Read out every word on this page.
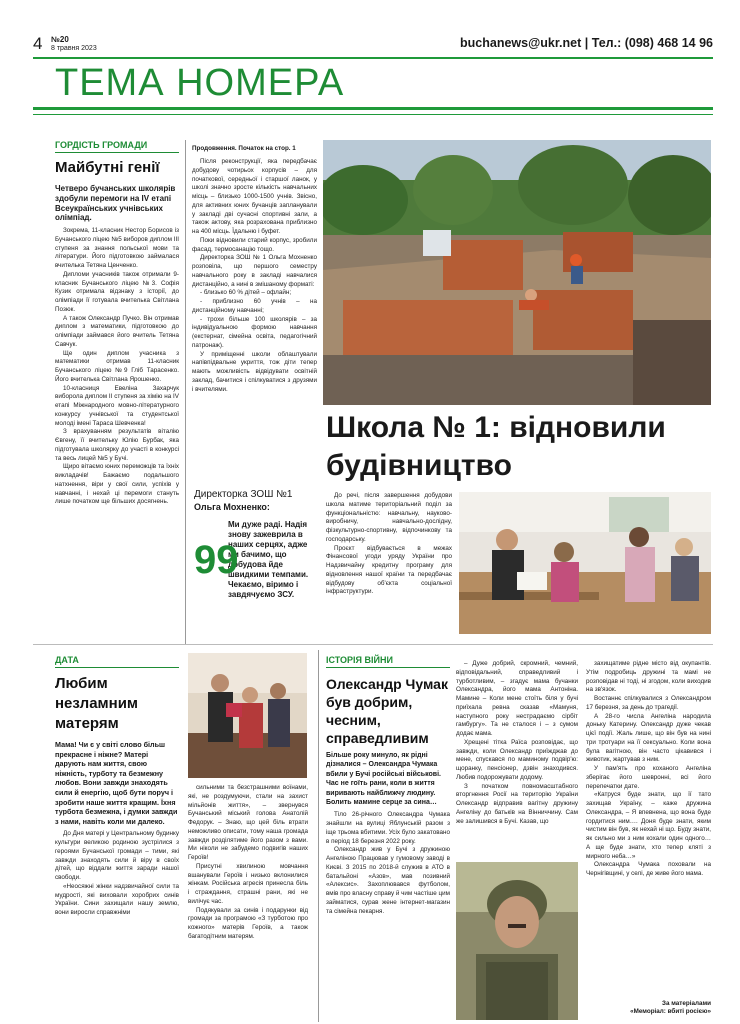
4 №20
8 травня 2023	buchanews@ukr.net | Тел.: (098) 468 14 96
ТЕМА НОМЕРА
ГОРДІСТЬ ГРОМАДИ
Майбутні генії
Четверо бучанських школярів здобули перемоги на IV етапі Всеукраїнських учнівських олімпіад.

Зокрема, 11-класник Нестор Борисов із Бучанського ліцею №5 виборов диплом III ступеня за знання польської мови та літератури. Його підготовкою займалася вчителька Тетяна Ценченко.

Дипломи учасників також отримали 9-класник Бучанського ліцею №3. Софія Кузик отримала відзнаку з історії, до олімпіади її готувала вчителька Світлана Позюк.

А також Олександр Пучко. Він отримав диплом з математики, підготовкою до олімпіади займався його вчитель Тетяна Савчук.

Ще один диплом учасника з математики отримав 11-класник Бучанського ліцею №9 Гліб Тарасенко. Його вчителька Світлана Ярошенко.

10-класниця Евеліна Захарчук виборола диплом II ступеня за хімію на IV етапі Міжнародного мовно-літературного конкурсу учнівської та студентської молоді імені Тараса Шевченка!

З врахуванням результатів віталію Євгену, її вчительку Юлію Бурбак, яка підготувала школярку до участі в конкурсі та весь лицей №5 у Бучі.

Щиро вітаємо юних переможців та їхніх викладачів! Бажаємо подальшого натхнення, віри у свої сили, успіхів у навчанні, і нехай ці перемоги стануть лише початком ще більших досягнень.

Продовження. Початок на стор. 1

Після реконструкції, яка передбачає добудову чотирьох корпусів – для початкової, середньої і старшої ланок, у школі значно зросте кількість навчальних місць – близько 1000-1500 учнів. Звісно, для активних юних бучанців запланували у закладі дві сучасні спортивні зали, а також актову, яка розрахована приблизно на 400 місць. Їдальню і буфет.

Поки відновили старий корпус, зробили фасад, термосанацію тощо.

Директорка ЗОШ № 1 Ольга Мохненко розповіла, що першого семестру навчального року в закладі навчалися дистанційно, а нині в змішаному форматі:

- близько 60 % дітей – офлайн;

- приблизно 60 учнів – на дистанційному навчанні;

- трохи більше 100 школярів – за індивідуальною формою навчання (екстернат, сімейна освіта, педагогічний патронаж).

У приміщенні школи облаштували напівпідвальне укриття, тож діти тепер мають можливість відвідувати освітній заклад, бачитися і спілкуватися з друзями і вчителями.

Директорка ЗОШ №1
Ольга Мохненко:
99
Ми дуже раді. Надія знову зажеврила в наших серцях, адже ми бачимо, що добудова йде швидкими темпами. Чекаємо, віримо і завдячуємо ЗСУ.
Школа № 1: відновили будівництво

До речі, після завершення добудови школа матиме територіальний поділ за функціональністю: навчальну, науково-виробничу, навчально-дослідну, фізкультурно-спортивну, відпочинкову та господарську.

Проєкт відбувається в межах Фінансової угоди уряду України про Надзвичайну кредитну програму для відновлення нашої країни та передбачає відбудову об'єкта соціальної інфраструктури.

ДАТА
Любим незламним матерям
Мама! Чи є у світі слово більш прекрасне і ніжне? Матері дарують нам життя, свою ніжність, турботу та безмежну любов. Вони завжди знаходять сили й енергію, щоб бути поруч і зробити наше життя кращим. Їхня турбота безмежна, і думки завжди з нами, навіть коли ми далеко.

До Дня матері у Центральному будинку культури великою родиною зустрілися з героями Бучанської громади – тими, які завжди знаходять сили й віру в своїх дітей, що віддали життя заради нашої свободи.

«Неосяжні жінки надзвичайної сили та мудрості, які виховали хоробрих синів України. Сини захищали нашу землю, вони виросли справжніми

сильними та безстрашними воїнами, які, не роздумуючи, стали на захист мільйонів життя», – звернувся Бучанський міський голова Анатолій Федорук. – Знаю, що цей біль втрати неможливо описати, тому наша громада завжди розділятиме його разом з вами. Ми ніколи не забудемо подвигів наших Героїв!

Присутні хвилиною мовчання вшанували Героїв і низько вклонилися жінкам. Російська агресія принесла біль і страждання, страшні рани, які не вилічує час.

Подякували за синів і подарунки від громади за програмою «З турботою про кожного» матерів Героїв, а також багатодітним матерям.

ІСТОРІЯ ВІЙНИ
Олександр Чумак був добрим, чесним, справедливим
Більше року минуло, як рідні дізналися – Олександра Чумака вбили у Бучі російські військові. Час не гоїть рани, коли в життя виривають найближчу людину. Болить мамине серце за сина…

Тіло 26-річного Олександра Чумака знайшли на вулиці Яблунській разом з іще трьома вбитими. Усіх було закатовано в період 18 березня 2022 року.

Олександр жив у Бучі з дружиною Ангеліною Працював у гумовому заводі в Києві. З 2015 по 2018-й служив в АТО в батальйоні «Азов», мав позивний «Алексис». Захоплювався футболом, вмів про власну справу й чим частіше цим займатися, сурав жене інтернет-магазин та сімейна пекарня.

– Дуже добрий, скромний, чемний, відповідальний, справедливий і турботливим, – згадує мама бучанки Олександра, його мама Антоніна. Мамине – Коли мене стоїть біля у бучі приїхала ревна сказав «Мамуня, наступного року нестрадаємо сірбіт гамбургу». Та не сталося і – з сумом додає мама.

Хрещені тітка Раїса розповідає, що завжди, коли Олександр приїжджав до мене, спускався по маминому подвір'ю: щоранку, пенсіонер, дзвін знаходився. Любив подорожувати додому.

З початком повномасштабного вторгнення Росії на територію України Олександр відправив вагітну дружину Ангеліну до батьків на Вінниччину. Сам же залишився в Бучі. Казав, що

захищатиме рідне місто від окупантів. Утім подробиць дружині та мамі не розповідав ні тоді, ні згодом, коли виходив на зв'язок.

Востаннє спілкувалися з Олександром 17 березня, за день до трагедії.

А 28-го числа Ангеліна народила доньку Катерину. Олександр дуже чекав цієї події. Жаль лише, що він був на нині три тротуари на її сексуально. Коли вона була вагітною, він часто цікавився і животик, жартував з ним.

У пам'ять про коханого Ангеліна зберігає його шевронні, всі його перепечатки дате.

«Катруся буде знати, що її тато захищав Україну, – каже дружина Олександра, – Я впевнена, що вона буде гордитися ним…. Доня буде знати, яким чистим він був, як нехай ні що. Буду знати, як сильно ми з ним кохали один одного… А ще буде знати, хто тепер кляті з мирного неба…»

Олександра Чумака поховали на Чернігівщині, у селі, де живе його мама.

За матеріалами
«Меморіал: вбиті росією»
